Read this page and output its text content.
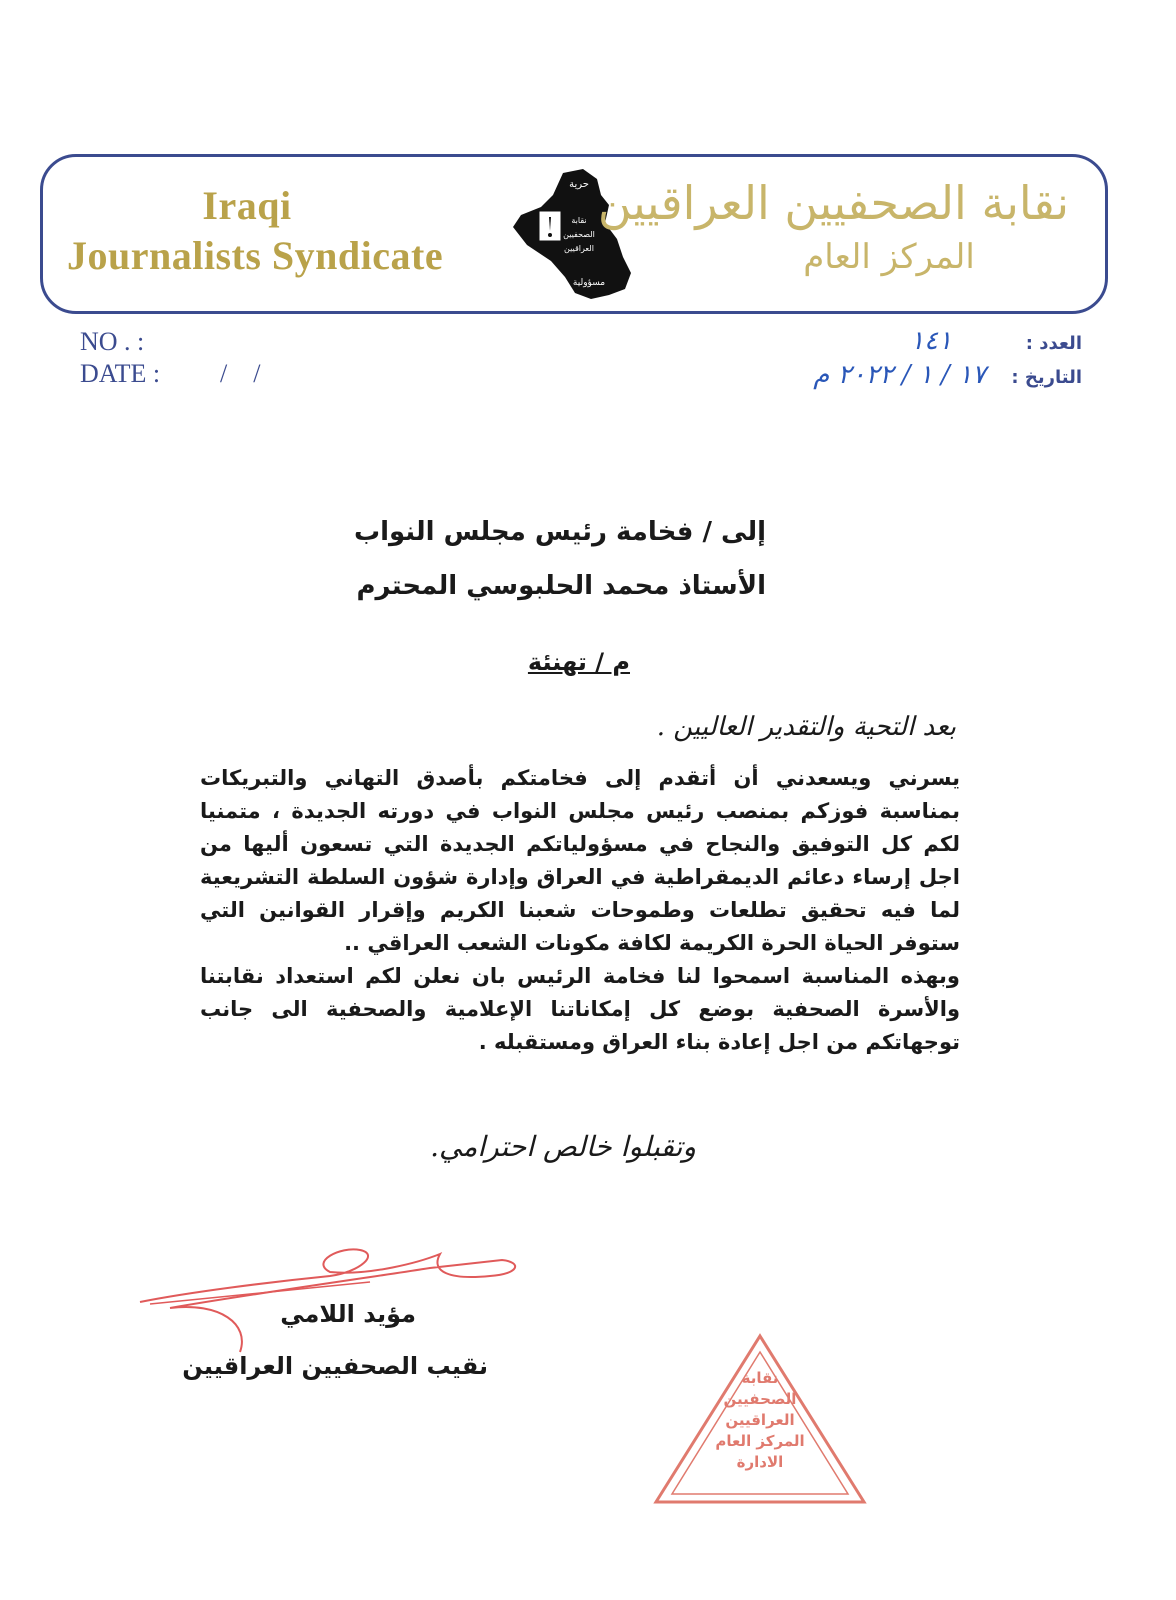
Iraqi
Journalists Syndicate
حرية
نقابة
الصحفيين
العراقيين
مسؤولية
نقابة الصحفيين العراقيين
المركز العام
NO . :
DATE :	/    /
العدد :
١٤١
التاريخ :
١٧ / ١ / ٢٠٢٢ م
إلى / فخامة رئيس مجلس النواب
الأستاذ محمد الحلبوسي المحترم
م / تهنئة
بعد التحية والتقدير العاليين .

يسرني ويسعدني أن أتقدم إلى فخامتكم بأصدق التهاني والتبريكات بمناسبة فوزكم بمنصب رئيس مجلس النواب في دورته الجديدة ، متمنيا لكم كل التوفيق والنجاح في مسؤولياتكم الجديدة التي تسعون أليها من اجل إرساء دعائم الديمقراطية في العراق وإدارة شؤون السلطة التشريعية لما فيه تحقيق تطلعات وطموحات شعبنا الكريم وإقرار القوانين التي ستوفر الحياة الحرة الكريمة لكافة مكونات الشعب العراقي ..

وبهذه المناسبة اسمحوا لنا فخامة الرئيس بان نعلن لكم استعداد نقابتنا والأسرة الصحفية بوضع كل إمكاناتنا الإعلامية والصحفية الى جانب توجهاتكم من اجل إعادة بناء العراق ومستقبله .

وتقبلوا خالص احترامي.
مؤيد اللامي
نقيب الصحفيين العراقيين	نقابة
الصحفيين
العراقيين
المركز العام
الادارة
